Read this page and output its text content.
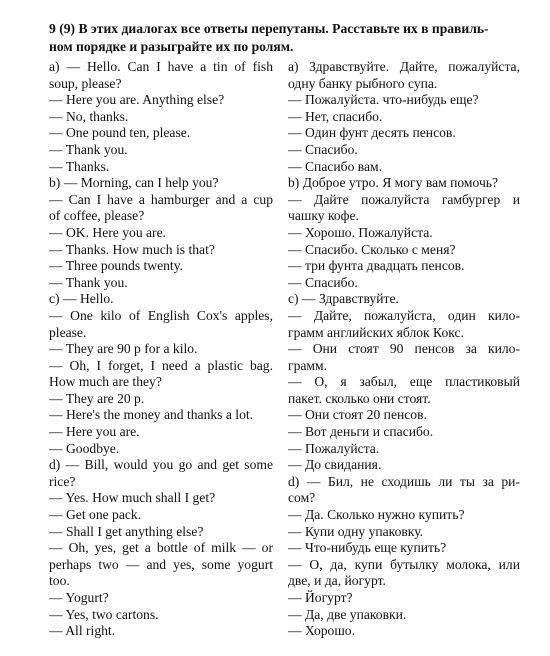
9 (9) В этих диалогах все ответы перепутаны. Расставьте их в правиль-
ном порядке и разыграйте их по ролям.
a) — Hello. Can I have a tin of fish
soup, please?
— Here you are. Anything else?
— No, thanks.
— One pound ten, please.
— Thank you.
— Thanks.
b) — Morning, can I help you?
— Can I have a hamburger and a cup
of coffee, please?
— OK. Here you are.
— Thanks. How much is that?
— Three pounds twenty.
— Thank you.
c) — Hello.
— One kilo of English Cox's apples,
please.
— They are 90 p for a kilo.
— Oh, I forget, I need a plastic bag.
How much are they?
— They are 20 p.
— Here's the money and thanks a lot.
— Here you are.
— Goodbye.
d) — Bill, would you go and get some
rice?
— Yes. How much shall I get?
— Get one pack.
— Shall I get anything else?
— Oh, yes, get a bottle of milk — or
perhaps two — and yes, some yogurt
too.
— Yogurt?
— Yes, two cartons.
— All right.
a) Здравствуйте. Дайте, пожалуйста,
одну банку рыбного супа.
— Пожалуйста. что-нибудь еще?
— Нет, спасибо.
— Один фунт десять пенсов.
— Спасибо.
— Спасибо вам.
b) Доброе утро. Я могу вам помочь?
— Дайте пожалуйста гамбургер и
чашку кофе.
— Хорошо. Пожалуйста.
— Спасибо. Сколько с меня?
— три фунта двадцать пенсов.
— Спасибо.
c) — Здравствуйте.
— Дайте, пожалуйста, один кило-
грамм английских яблок Кокс.
— Они стоят 90 пенсов за кило-
грамм.
— О, я забыл, еще пластиковый
пакет. сколько они стоят.
— Они стоят 20 пенсов.
— Вот деньги и спасибо.
— Пожалуйста.
— До свидания.
d) — Бил, не сходишь ли ты за ри-
сом?
— Да. Сколько нужно купить?
— Купи одну упаковку.
— Что-нибудь еще купить?
— О, да, купи бутылку молока, или
две, и да, йогурт.
— Йогурт?
— Да, две упаковки.
— Хорошо.
